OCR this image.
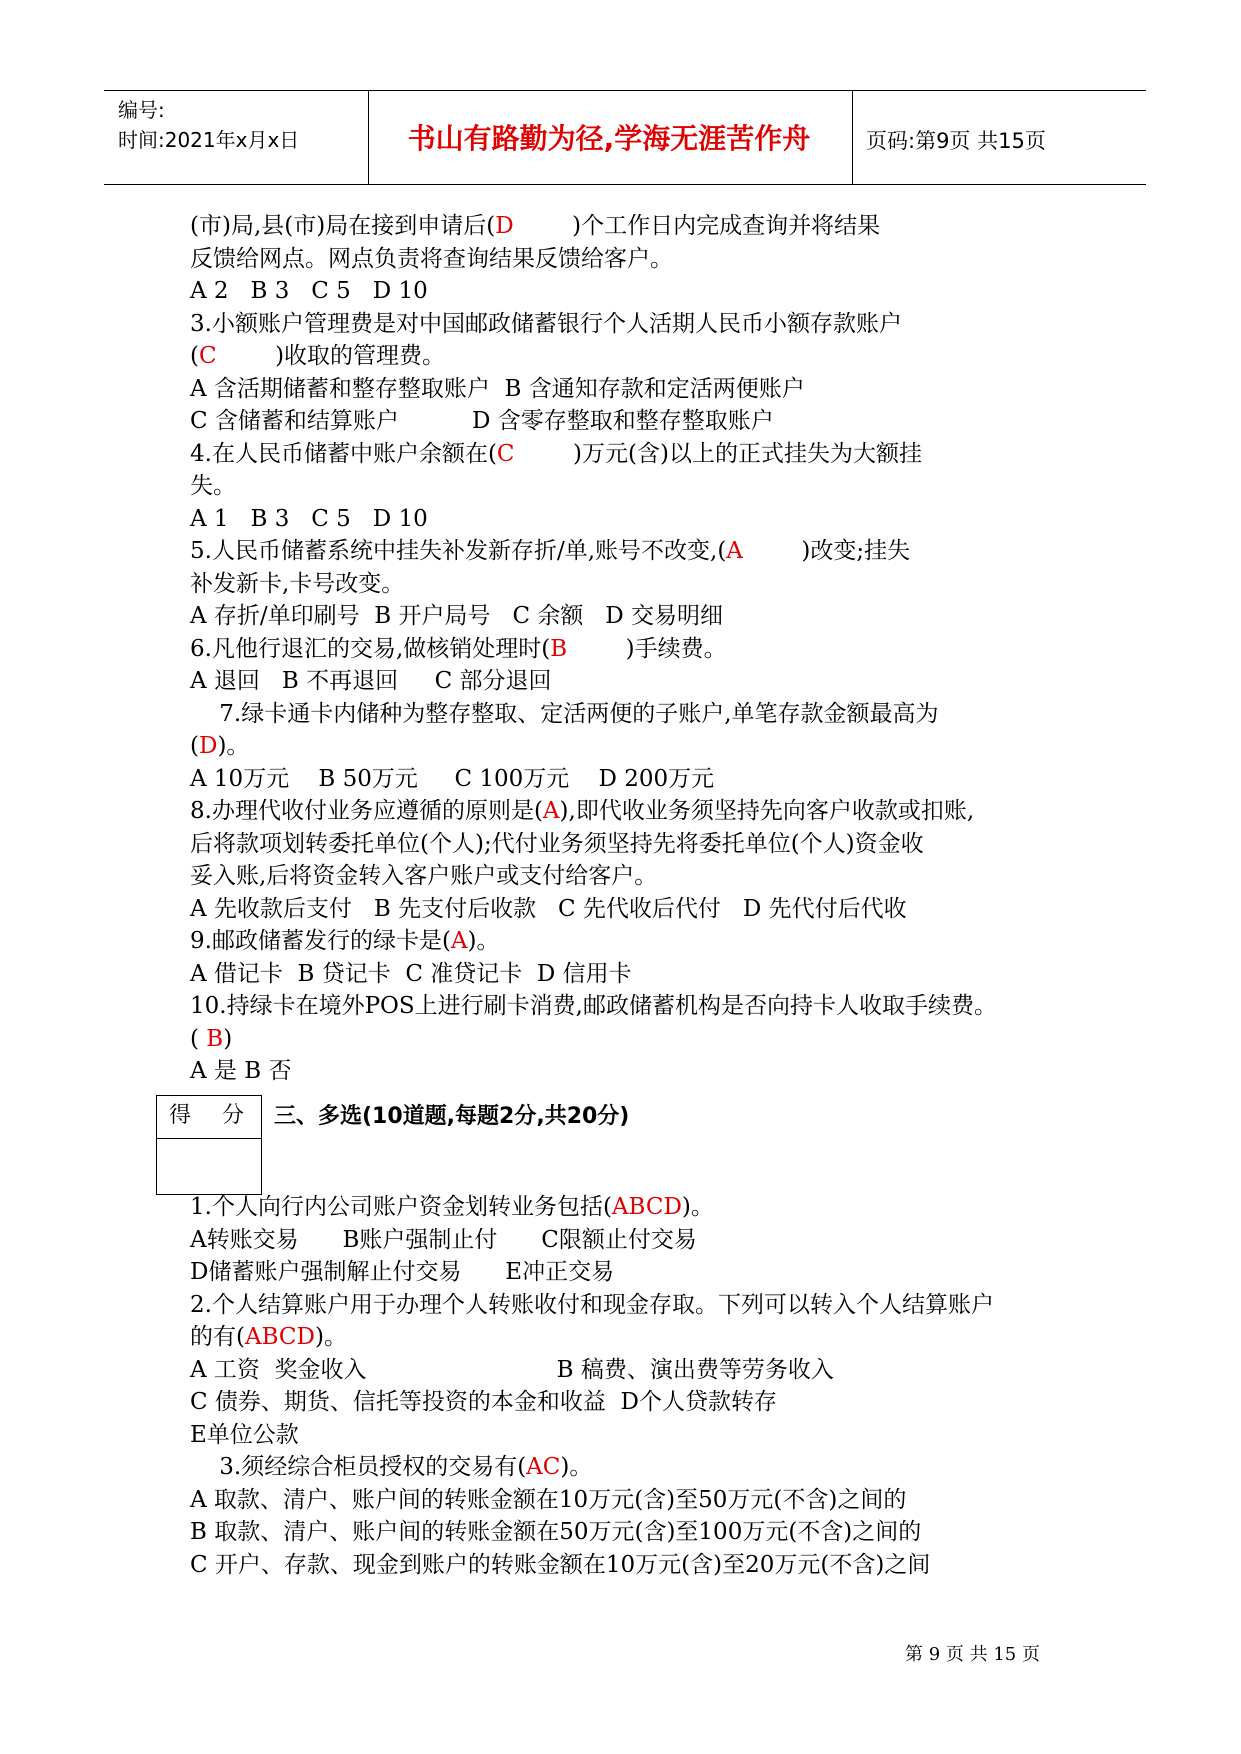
编号:
时间:2021年x月x日	书山有路勤为径,学海无涯苦作舟	页码:第9页 共15页
(市)局,县(市)局在接到申请后(D        )个工作日内完成查询并将结果
反馈给网点。网点负责将查询结果反馈给客户。
A 2   B 3   C 5   D 10
3.小额账户管理费是对中国邮政储蓄银行个人活期人民币小额存款账户
(C        )收取的管理费。
A 含活期储蓄和整存整取账户  B 含通知存款和定活两便账户
C 含储蓄和结算账户          D 含零存整取和整存整取账户
4.在人民币储蓄中账户余额在(C        )万元(含)以上的正式挂失为大额挂
失。
A 1   B 3   C 5   D 10
5.人民币储蓄系统中挂失补发新存折/单,账号不改变,(A        )改变;挂失
补发新卡,卡号改变。
A 存折/单印刷号  B 开户局号   C 余额   D 交易明细
6.凡他行退汇的交易,做核销处理时(B        )手续费。
A 退回   B 不再退回     C 部分退回
7.绿卡通卡内储种为整存整取、定活两便的子账户,单笔存款金额最高为
(D)。
A 10万元    B 50万元     C 100万元    D 200万元
8.办理代收付业务应遵循的原则是(A),即代收业务须坚持先向客户收款或扣账,
后将款项划转委托单位(个人);代付业务须坚持先将委托单位(个人)资金收
妥入账,后将资金转入客户账户或支付给客户。
A 先收款后支付   B 先支付后收款   C 先代收后代付   D 先代付后代收
9.邮政储蓄发行的绿卡是(A)。
A 借记卡  B 贷记卡  C 准贷记卡  D 信用卡
10.持绿卡在境外POS上进行刷卡消费,邮政储蓄机构是否向持卡人收取手续费。
( B)
A 是 B 否
得 分 三、多选(10道题,每题2分,共20分)
1.个人向行内公司账户资金划转业务包括(ABCD)。
A转账交易      B账户强制止付      C限额止付交易
D储蓄账户强制解止付交易      E冲正交易
2.个人结算账户用于办理个人转账收付和现金存取。下列可以转入个人结算账户
的有(ABCD)。
A 工资  奖金收入                          B 稿费、演出费等劳务收入
C 债券、期货、信托等投资的本金和收益  D个人贷款转存
E单位公款
3.须经综合柜员授权的交易有(AC)。
A 取款、清户、账户间的转账金额在10万元(含)至50万元(不含)之间的
B 取款、清户、账户间的转账金额在50万元(含)至100万元(不含)之间的
C 开户、存款、现金到账户的转账金额在10万元(含)至20万元(不含)之间
第 9 页 共 15 页
